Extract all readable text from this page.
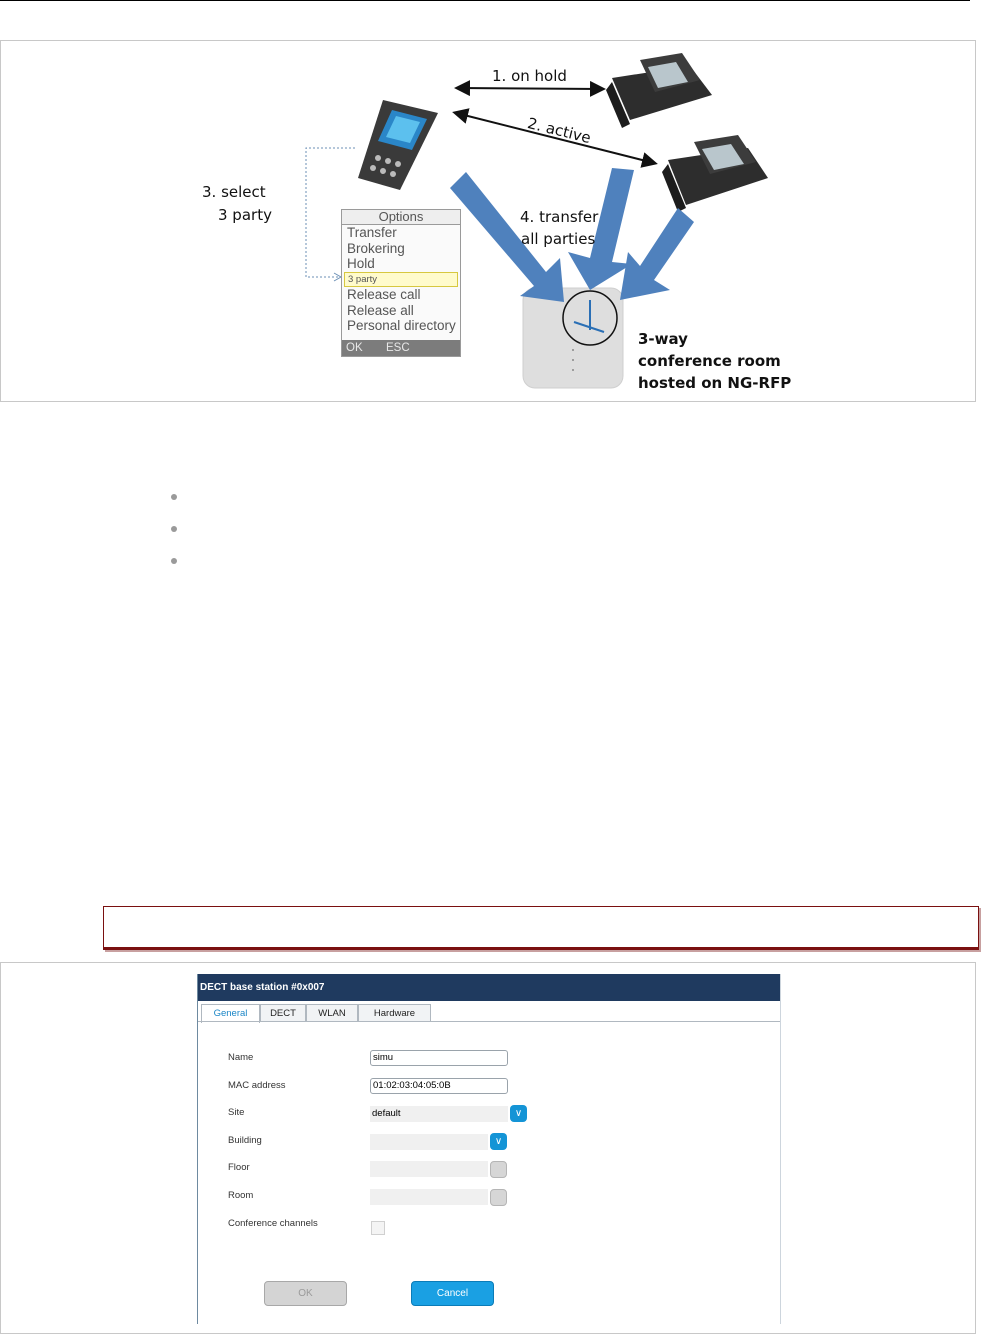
1. on hold
2. active
3. select
3 party	4. transfer
all parties
Options
Transfer
Brokering
Hold
3 party
Release call
Release all
Personal directory
OK ESC	3-way
conference room
hosted on NG-RFP
DECT base station #0x007
General	DECT	WLAN	Hardware
Name	simu
MAC address	01:02:03:04:05:0B
Site	default	∨
Building	∨
Floor
Room
Conference channels
OK	Cancel
